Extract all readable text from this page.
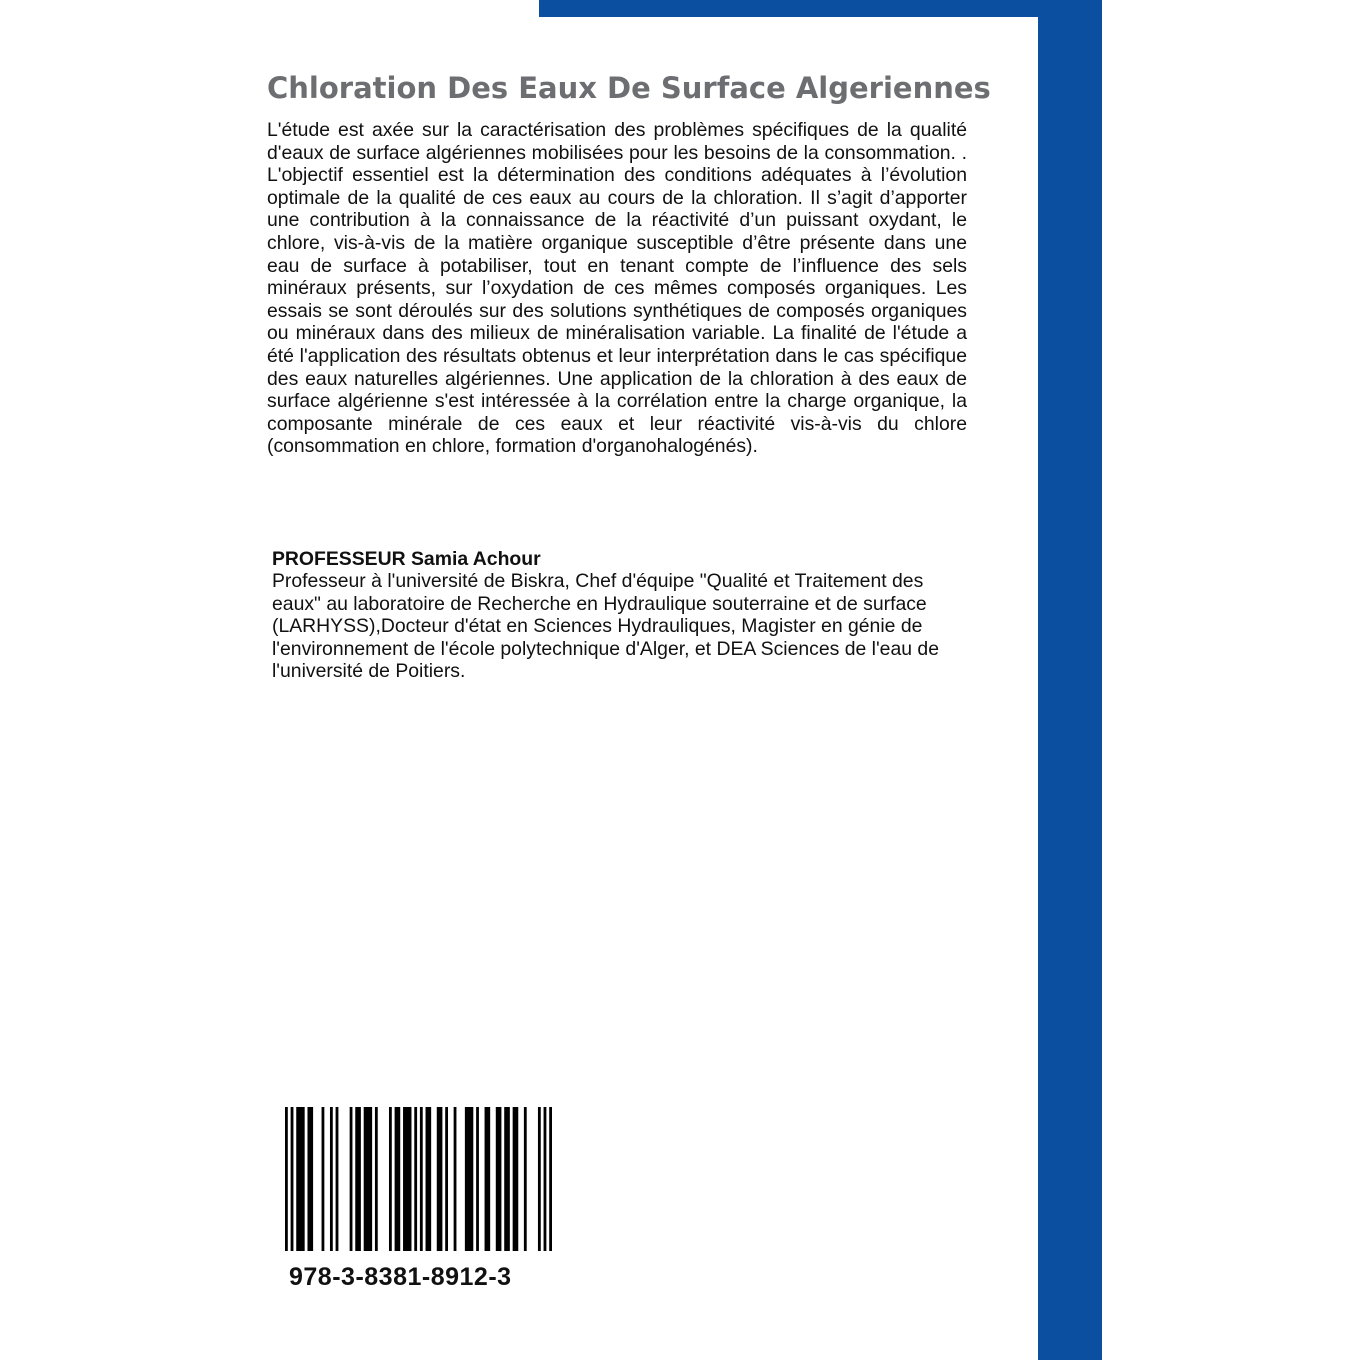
Chloration Des Eaux De Surface Algeriennes

L'étude est axée sur la caractérisation des problèmes spécifiques de la qualité d'eaux de surface algériennes mobilisées pour les besoins de la consommation. . L'objectif essentiel est la détermination des conditions adéquates à l’évolution optimale de la qualité de ces eaux au cours de la chloration. Il s’agit d’apporter une contribution à la connaissance de la réactivité d’un puissant oxydant, le chlore, vis-à-vis de la matière organique susceptible d’être présente dans une eau de surface à potabiliser, tout en tenant compte de l’influence des sels minéraux présents, sur l’oxydation de ces mêmes composés organiques. Les essais se sont déroulés sur des solutions synthétiques de composés organiques ou minéraux dans des milieux de minéralisation variable. La finalité de l'étude a été l'application des résultats obtenus et leur interprétation dans le cas spécifique des eaux naturelles algériennes. Une application de la chloration à des eaux de surface algérienne s'est intéressée à la corrélation entre la charge organique, la composante minérale de ces eaux et leur réactivité vis-à-vis du chlore (consommation en chlore, formation d'organohalogénés).

PROFESSEUR Samia Achour

Professeur à l'université de Biskra, Chef d'équipe "Qualité et Traitement des eaux" au laboratoire de Recherche en Hydraulique souterraine et de surface (LARHYSS),Docteur d'état en Sciences Hydrauliques, Magister en génie de l'environnement de l'école polytechnique d'Alger, et DEA Sciences de l'eau de l'université de Poitiers.

978-3-8381-8912-3
